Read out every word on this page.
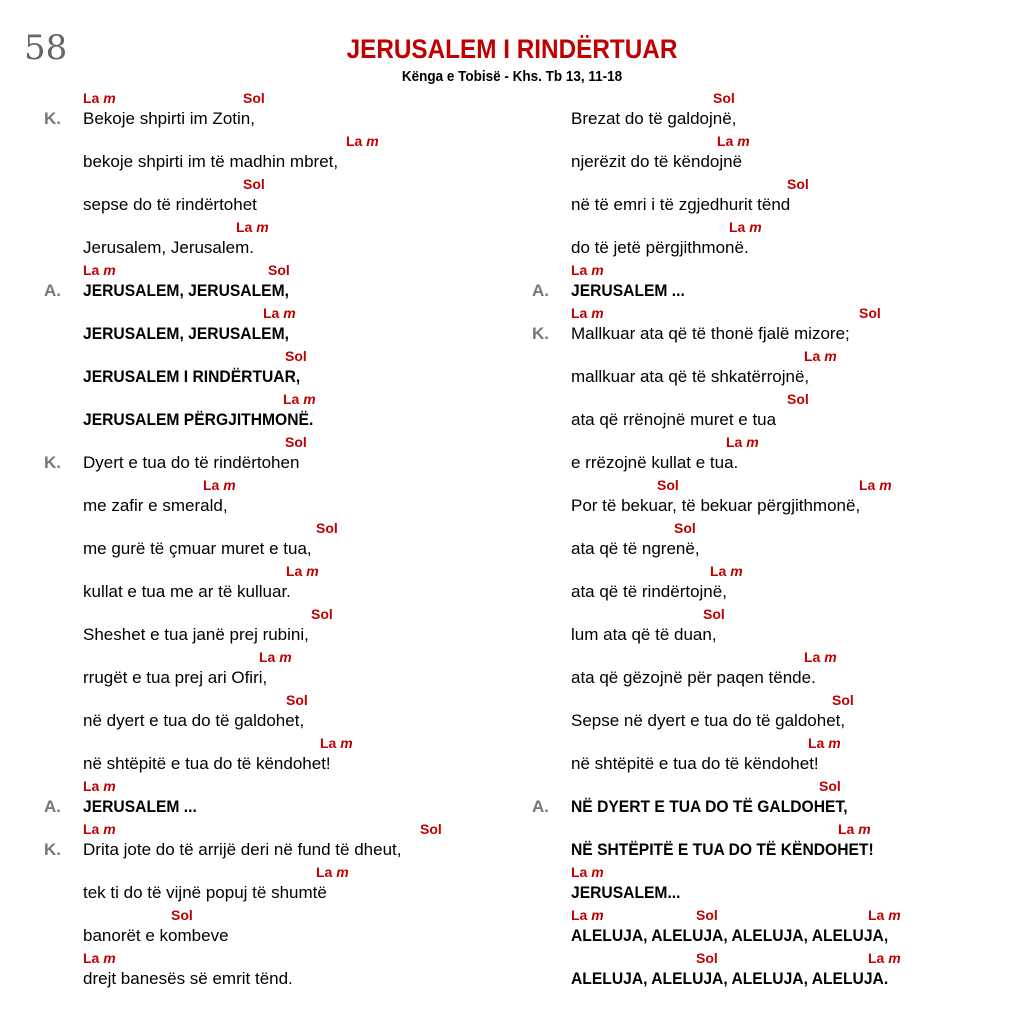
58	JERUSALEM I RINDËRTUAR
Kënga e Tobisë - Khs. Tb 13, 11-18
La m	Sol
K. Bekoje shpirti im Zotin,
La m
bekoje shpirti im të madhin mbret,
Sol
sepse do të rindërtohet
La m
Jerusalem, Jerusalem.
La m	Sol
A. JERUSALEM, JERUSALEM,
La m
JERUSALEM, JERUSALEM,
Sol
JERUSALEM I RINDËRTUAR,
La m
JERUSALEM PËRGJITHMONË.
Sol
K. Dyert e tua do të rindërtohen
La m
me zafir e smerald,
Sol
me gurë të çmuar muret e tua,
La m
kullat e tua me ar të kulluar.
Sol
Sheshet e tua janë prej rubini,
La m
rrugët e tua prej ari Ofiri,
Sol
në dyert e tua do të galdohet,
La m
në shtëpitë e tua do të këndohet!
La m
A. JERUSALEM ...
La m	Sol
K. Drita jote do të arrijë deri në fund të dheut,
La m
tek ti do të vijnë popuj të shumtë
Sol
banorët e kombeve
La m
drejt banesës së emrit tënd.
Sol
Brezat do të galdojnë,
La m
njerëzit do të këndojnë
Sol
në të emri i të zgjedhurit tënd
La m
do të jetë përgjithmonë.
La m
A. JERUSALEM ...
La m	Sol
K. Mallkuar ata që të thonë fjalë mizore;
La m
mallkuar ata që të shkatërrojnë,
Sol
ata që rrënojnë muret e tua
La m
e rrëzojnë kullat e tua.
Sol	La m
Por të bekuar, të bekuar përgjithmonë,
Sol
ata që të ngrenë,
La m
ata që të rindërtojnë,
Sol
lum ata që të duan,
La m
ata që gëzojnë për paqen tënde.
Sol
Sepse në dyert e tua do të galdohet,
La m
në shtëpitë e tua do të këndohet!
Sol
A. NË DYERT E TUA DO TË GALDOHET,
La m
NË SHTËPITË E TUA DO TË KËNDOHET!
La m
JERUSALEM...
La m	Sol	La m
ALELUJA, ALELUJA, ALELUJA, ALELUJA,
Sol	La m
ALELUJA, ALELUJA, ALELUJA, ALELUJA.
